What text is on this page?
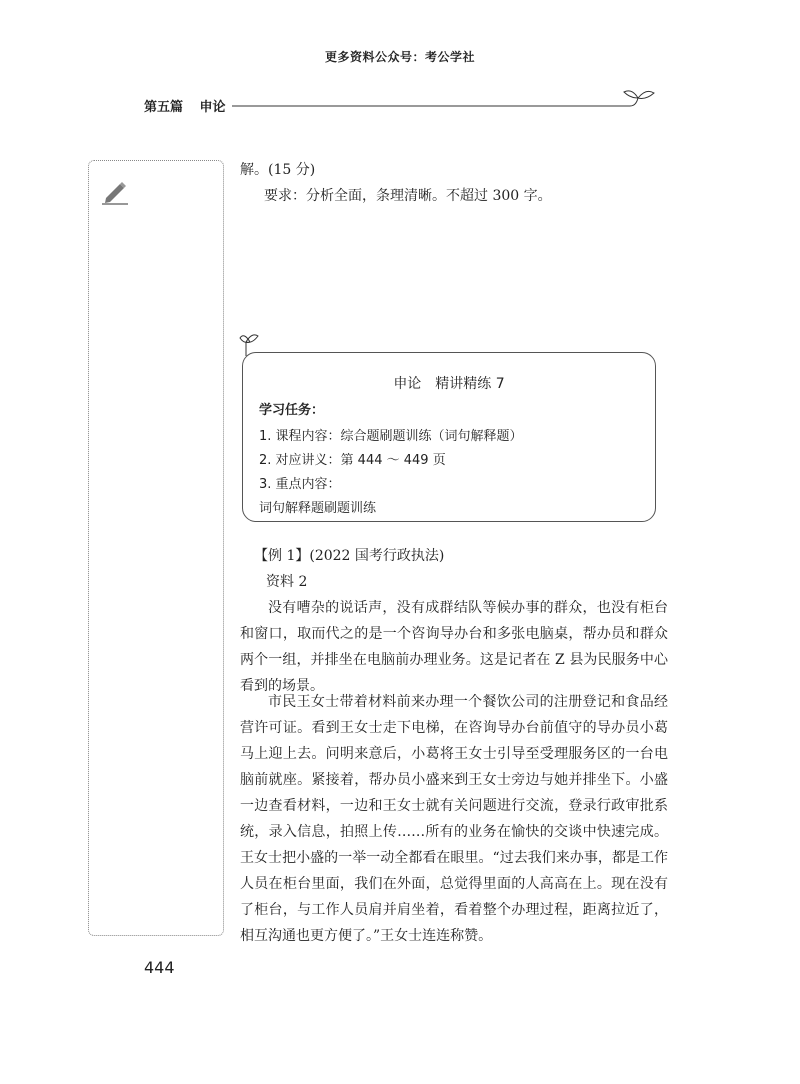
更多资料公众号：考公学社
第五篇 申论
解。(15 分)
要求：分析全面，条理清晰。不超过 300 字。
申论　精讲精练 7
学习任务：
1. 课程内容：综合题刷题训练（词句解释题）
2. 对应讲义：第 444 ～ 449 页
3. 重点内容：
词句解释题刷题训练
【例 1】(2022 国考行政执法)
资料 2
没有嘈杂的说话声，没有成群结队等候办事的群众，也没有柜台和窗口，取而代之的是一个咨询导办台和多张电脑桌，帮办员和群众两个一组，并排坐在电脑前办理业务。这是记者在 Z 县为民服务中心看到的场景。
市民王女士带着材料前来办理一个餐饮公司的注册登记和食品经营许可证。看到王女士走下电梯，在咨询导办台前值守的导办员小葛马上迎上去。问明来意后，小葛将王女士引导至受理服务区的一台电脑前就座。紧接着，帮办员小盛来到王女士旁边与她并排坐下。小盛一边查看材料，一边和王女士就有关问题进行交流，登录行政审批系统，录入信息，拍照上传……所有的业务在愉快的交谈中快速完成。王女士把小盛的一举一动全都看在眼里。“过去我们来办事，都是工作人员在柜台里面，我们在外面，总觉得里面的人高高在上。现在没有了柜台，与工作人员肩并肩坐着，看着整个办理过程，距离拉近了，相互沟通也更方便了。”王女士连连称赞。
444
